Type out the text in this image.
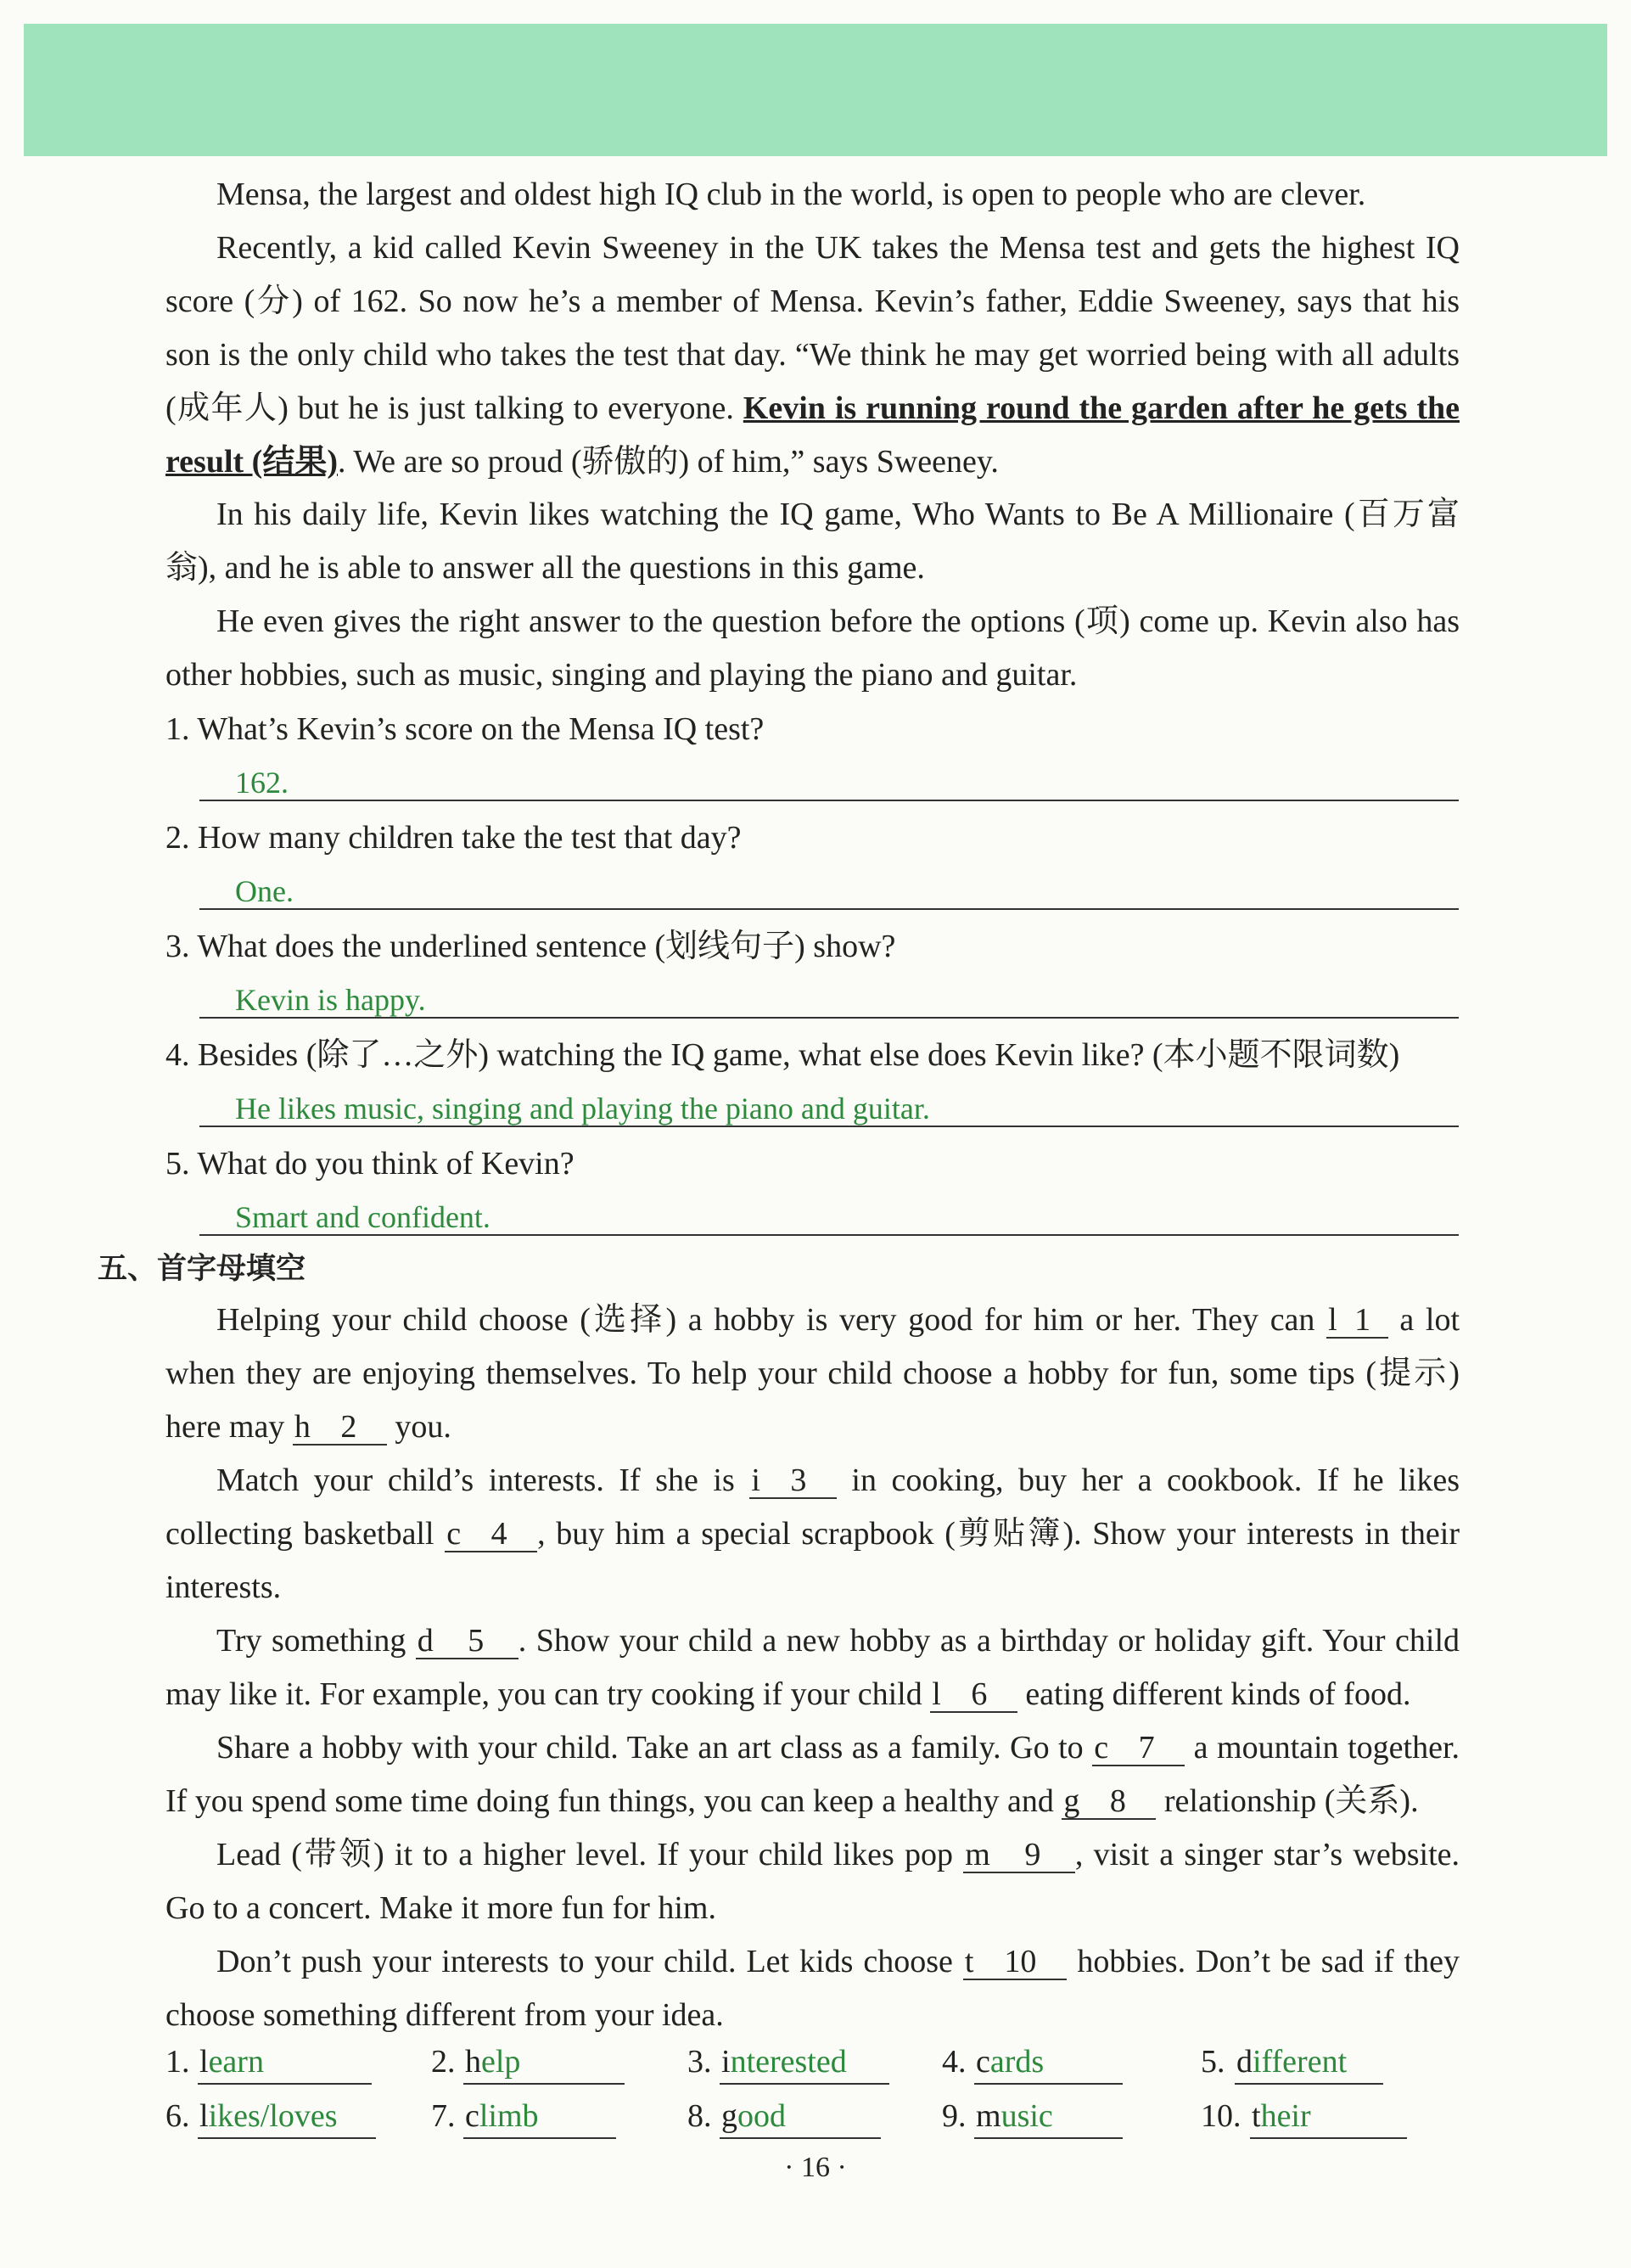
Mensa, the largest and oldest high IQ club in the world, is open to people who are clever.
Recently, a kid called Kevin Sweeney in the UK takes the Mensa test and gets the highest IQ score (分) of 162. So now he’s a member of Mensa. Kevin’s father, Eddie Sweeney, says that his son is the only child who takes the test that day. “We think he may get worried being with all adults (成年人) but he is just talking to everyone. Kevin is running round the garden after he gets the result (结果). We are so proud (骄傲的) of him,” says Sweeney.
In his daily life, Kevin likes watching the IQ game, Who Wants to Be A Millionaire (百万富翁), and he is able to answer all the questions in this game.
He even gives the right answer to the question before the options (项) come up. Kevin also has other hobbies, such as music, singing and playing the piano and guitar.
1. What’s Kevin’s score on the Mensa IQ test?
162.
2. How many children take the test that day?
One.
3. What does the underlined sentence (划线句子) show?
Kevin is happy.
4. Besides (除了…之外) watching the IQ game, what else does Kevin like? (本小题不限词数)
He likes music, singing and playing the piano and guitar.
5. What do you think of Kevin?
Smart and confident.
五、首字母填空
Helping your child choose (选择) a hobby is very good for him or her. They can l 1 a lot when they are enjoying themselves. To help your child choose a hobby for fun, some tips (提示) here may h 2 you.
Match your child’s interests. If she is i 3 in cooking, buy her a cookbook. If he likes collecting basketball c 4 , buy him a special scrapbook (剪贴簿). Show your interests in their interests.
Try something d 5 . Show your child a new hobby as a birthday or holiday gift. Your child may like it. For example, you can try cooking if your child l 6 eating different kinds of food.
Share a hobby with your child. Take an art class as a family. Go to c 7 a mountain together. If you spend some time doing fun things, you can keep a healthy and g 8 relationship (关系).
Lead (带领) it to a higher level. If your child likes pop m 9 , visit a singer star’s website. Go to a concert. Make it more fun for him.
Don’t push your interests to your child. Let kids choose t 10 hobbies. Don’t be sad if they choose something different from your idea.
1. learn	2. help	3. interested	4. cards	5. different
6. likes/loves	7. climb	8. good	9. music	10. their
· 16 ·
